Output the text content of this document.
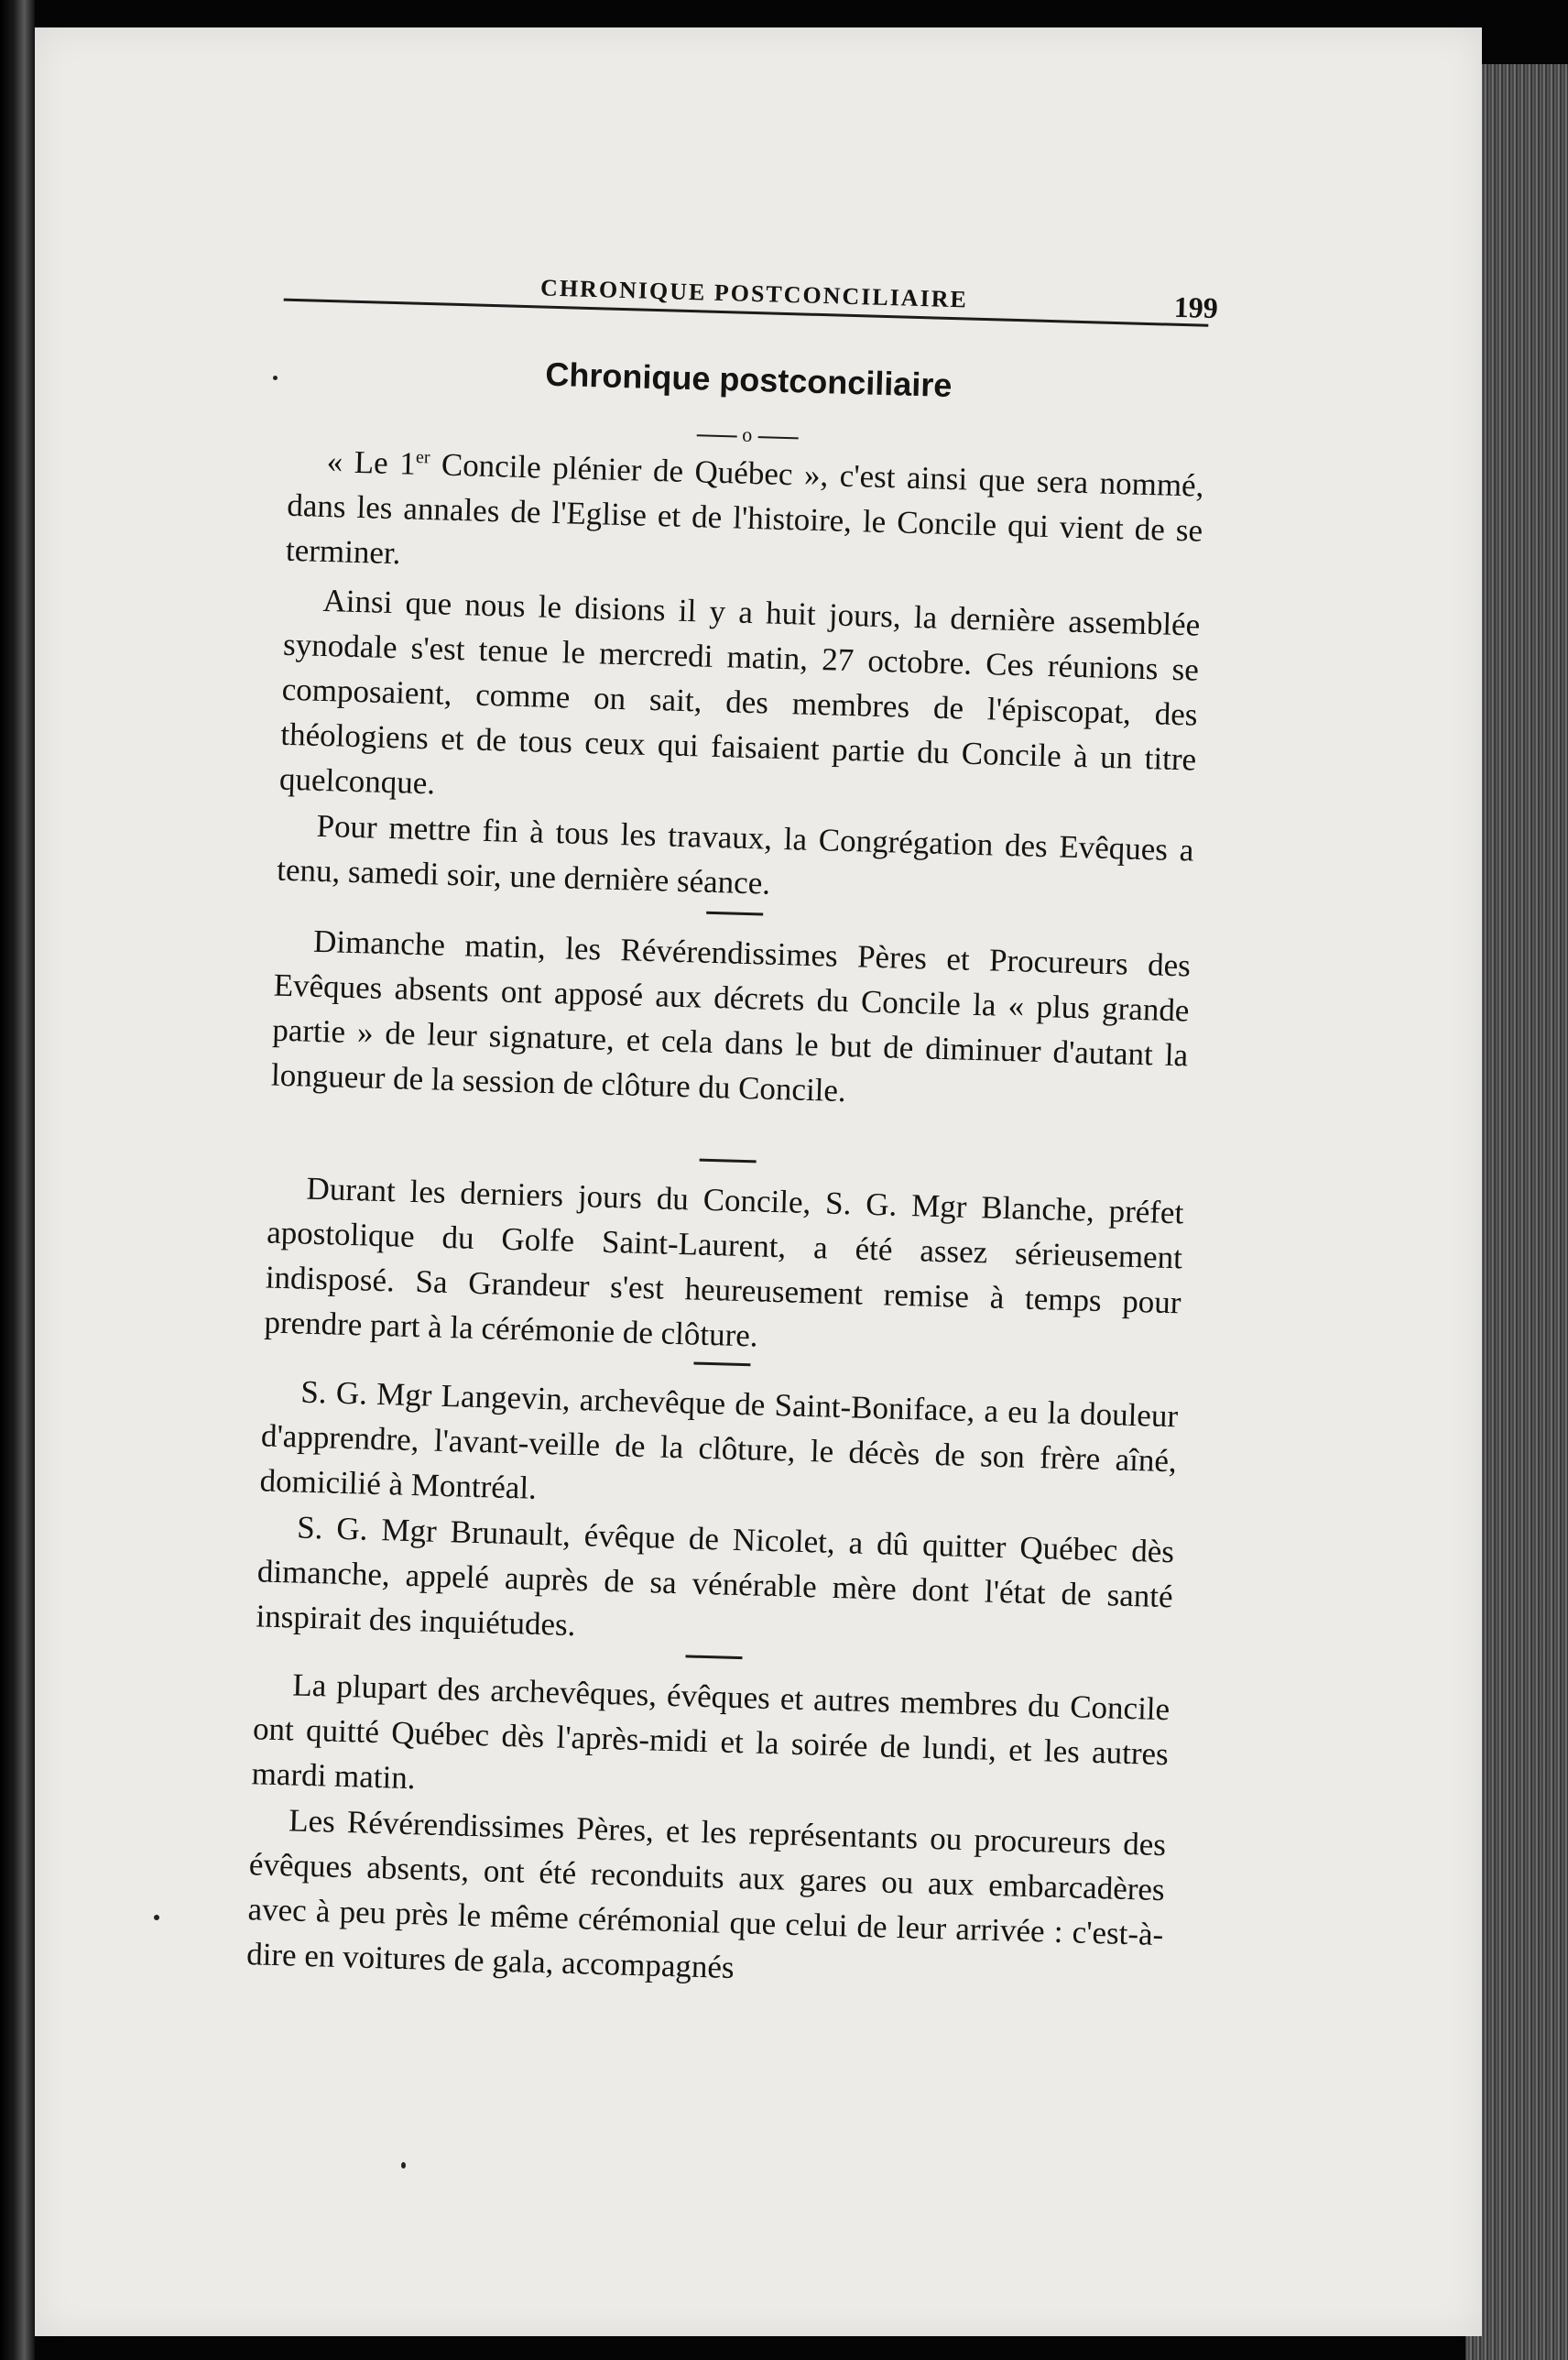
CHRONIQUE POSTCONCILIAIRE	199
Chronique postconciliaire
o

« Le 1er Concile plénier de Québec », c'est ainsi que sera nommé, dans les annales de l'Eglise et de l'histoire, le Concile qui vient de se terminer.

Ainsi que nous le disions il y a huit jours, la dernière assemblée synodale s'est tenue le mercredi matin, 27 octobre. Ces réunions se composaient, comme on sait, des membres de l'épiscopat, des théologiens et de tous ceux qui faisaient partie du Concile à un titre quelconque.

Pour mettre fin à tous les travaux, la Congrégation des Evêques a tenu, samedi soir, une dernière séance.

Dimanche matin, les Révérendissimes Pères et Procureurs des Evêques absents ont apposé aux décrets du Concile la « plus grande partie » de leur signature, et cela dans le but de diminuer d'autant la longueur de la session de clôture du Concile.

Durant les derniers jours du Concile, S. G. Mgr Blanche, préfet apostolique du Golfe Saint-Laurent, a été assez sérieusement indisposé. Sa Grandeur s'est heureusement remise à temps pour prendre part à la cérémonie de clôture.

S. G. Mgr Langevin, archevêque de Saint-Boniface, a eu la douleur d'apprendre, l'avant-veille de la clôture, le décès de son frère aîné, domicilié à Montréal.

S. G. Mgr Brunault, évêque de Nicolet, a dû quitter Québec dès dimanche, appelé auprès de sa vénérable mère dont l'état de santé inspirait des inquiétudes.

La plupart des archevêques, évêques et autres membres du Concile ont quitté Québec dès l'après-midi et la soirée de lundi, et les autres mardi matin.

Les Révérendissimes Pères, et les représentants ou procureurs des évêques absents, ont été reconduits aux gares ou aux embarcadères avec à peu près le même cérémonial que celui de leur arrivée : c'est-à-dire en voitures de gala, accompagnés
